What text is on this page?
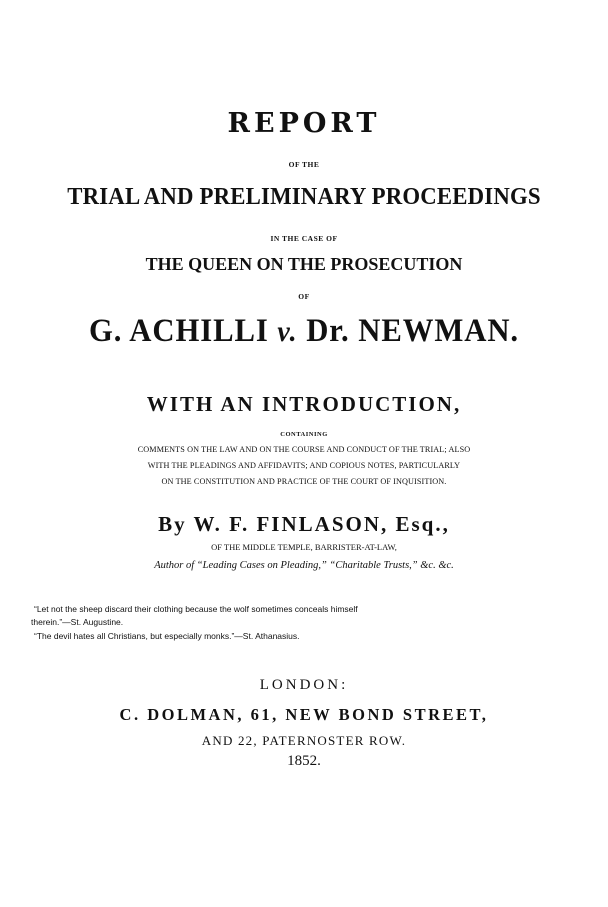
REPORT
OF THE
TRIAL AND PRELIMINARY PROCEEDINGS
IN THE CASE OF
THE QUEEN ON THE PROSECUTION
OF
G. ACHILLI v. Dr. NEWMAN.
WITH AN INTRODUCTION,
CONTAINING
COMMENTS ON THE LAW AND ON THE COURSE AND CONDUCT OF THE TRIAL; ALSO
WITH THE PLEADINGS AND AFFIDAVITS; AND COPIOUS NOTES, PARTICULARLY
ON THE CONSTITUTION AND PRACTICE OF THE COURT OF INQUISITION.
By W. F. FINLASON, Esq.,
OF THE MIDDLE TEMPLE, BARRISTER-AT-LAW,
Author of “Leading Cases on Pleading,” “Charitable Trusts,” &c. &c.
“Let not the sheep discard their clothing because the wolf sometimes conceals himself
therein.”—St. Augustine.
“The devil hates all Christians, but especially monks.”—St. Athanasius.
LONDON:
C. DOLMAN, 61, NEW BOND STREET,
AND 22, PATERNOSTER ROW.
1852.
